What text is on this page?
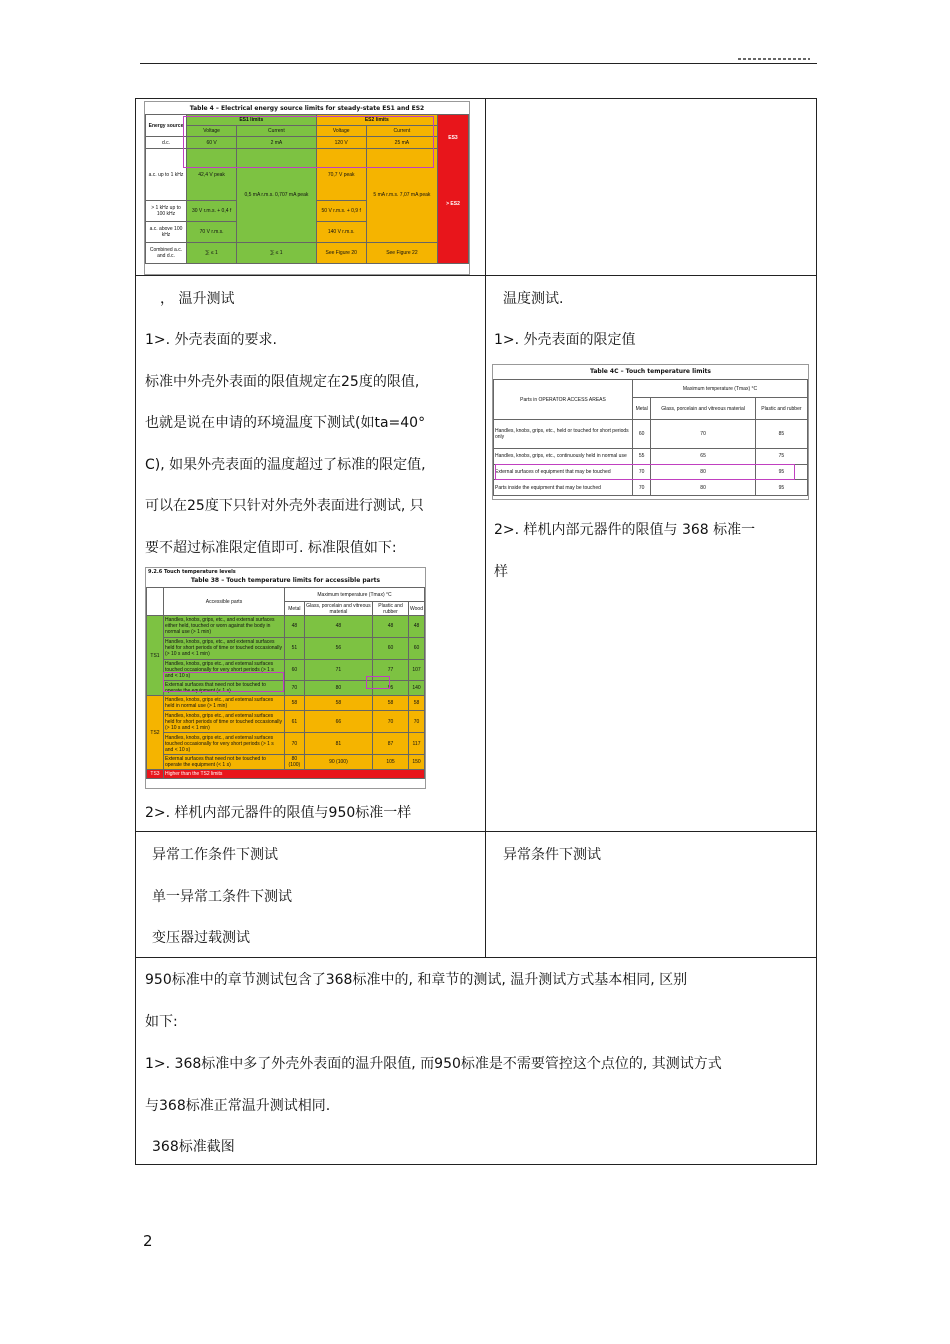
Table 4 – Electrical energy source limits for steady-state ES1 and ES2
Energy source	ES1 limits		ES2 limits		ES3
> ES2

	Voltage	Current	Voltage	Current	
d.c.	60 V	2 mA	120 V	25 mA	
a.c. up to 1 kHz	42,4 V peak	0,5 mA r.m.s. 0,707 mA peak	70,7 V peak	5 mA r.m.s. 7,07 mA peak	
> 1 kHz up to 100 kHz	30 V r.m.s. + 0,4 f		50 V r.m.s. + 0,9 f		
a.c. above 100 kHz	70 V r.m.s.		140 V r.m.s.		
Combined a.c. and d.c.	⅀ ≤ 1	⅀ ≤ 1	See Figure 20	See Figure 22	
， 温升测试
1>. 外壳表面的要求.
标准中外壳外表面的限值规定在25度的限值,
也就是说在申请的环境温度下测试(如ta=40°
C), 如果外壳表面的温度超过了标准的限定值,
可以在25度下只针对外壳外表面进行测试, 只
要不超过标准限定值即可. 标准限值如下:
9.2.6 Touch temperature levels
Table 38 – Touch temperature limits for accessible parts
	Accessible parts	Maximum temperature (Tmax) °C			
		Metal	Glass, porcelain and vitreous material	Plastic and rubber	Wood
TS1	Handles, knobs, grips, etc., and external surfaces either held, touched or worn against the body in normal use (> 1 min)	48	48	48	48
	Handles, knobs, grips, etc., and external surfaces held for short periods of time or touched occasionally (> 10 s and < 1 min)	51	56	60	60
	Handles, knobs, grips etc., and external surfaces touched occasionally for very short periods (> 1 s and < 10 s)	60	71	77	107
	External surfaces that need not be touched to operate the equipment (< 1 s)	70	80	95	140
TS2	Handles, knobs, grips etc., and external surfaces held in normal use (> 1 min)	58	58	58	58
	Handles, knobs, grips etc., and external surfaces held for short periods of time or touched occasionally (> 10 s and < 1 min)	61	66	70	70
	Handles, knobs, grips etc., and external surfaces touched occasionally for very short periods (> 1 s and < 10 s)	70	81	87	117
	External surfaces that need not be touched to operate the equipment (< 1 s)	80 (100)	90 (100)	105	150
TS3	Higher than the TS2 limits				
2>. 样机内部元器件的限值与950标准一样
温度测试.
1>. 外壳表面的限定值
Table 4C – Touch temperature limits
Parts in OPERATOR ACCESS AREAS	Maximum temperature (Tmax) °C		
	Metal	Glass, porcelain and vitreous material	Plastic and rubber
Handles, knobs, grips, etc., held or touched for short periods only	60	70	85
Handles, knobs, grips, etc., continuously held in normal use	55	65	75
External surfaces of equipment that may be touched	70	80	95
Parts inside the equipment that may be touched	70	80	95
2>. 样机内部元器件的限值与 368 标准一
样
异常工作条件下测试
单一异常工条件下测试
变压器过载测试
异常条件下测试
950标准中的章节测试包含了368标准中的, 和章节的测试, 温升测试方式基本相同, 区别
如下:
1>. 368标准中多了外壳外表面的温升限值, 而950标准是不需要管控这个点位的, 其测试方式
与368标准正常温升测试相同.
368标准截图
2
